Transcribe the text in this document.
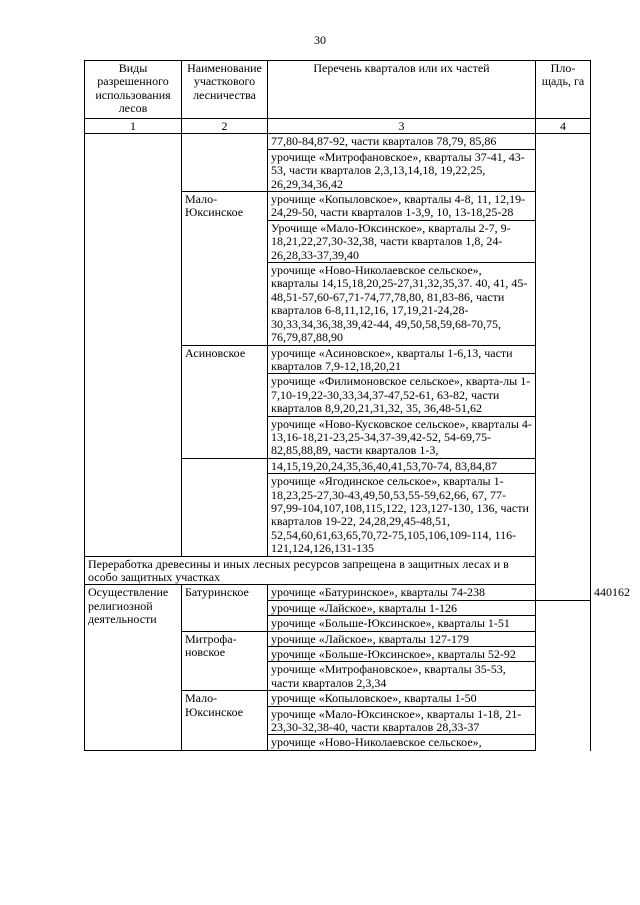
30
Виды разрешенного использования лесов	Наименование участкового лесничества	Перечень кварталов или их частей	Пло-щадь, га	
1	2	3	4	
		77,80-84,87-92, части кварталов 78,79, 85,86		
		урочище «Митрофановское», кварталы 37-41, 43-53, части кварталов 2,3,13,14,18, 19,22,25, 26,29,34,36,42		
	Мало-Юксинское	урочище «Копыловское», кварталы 4-8, 11, 12,19-24,29-50, части кварталов 1-3,9, 10, 13-18,25-28		
		Урочище «Мало-Юксинское», кварталы 2-7, 9-18,21,22,27,30-32,38, части кварталов 1,8, 24-26,28,33-37,39,40		
		урочище «Ново-Николаевское сельское», кварталы 14,15,18,20,25-27,31,32,35,37. 40, 41, 45-48,51-57,60-67,71-74,77,78,80, 81,83-86, части кварталов 6-8,11,12,16, 17,19,21-24,28-30,33,34,36,38,39,42-44, 49,50,58,59,68-70,75, 76,79,87,88,90		
	Асиновское	урочище «Асиновское», кварталы 1-6,13, части кварталов 7,9-12,18,20,21		
		урочище «Филимоновское сельское», кварта-лы 1-7,10-19,22-30,33,34,37-47,52-61, 63-82, части кварталов 8,9,20,21,31,32, 35, 36,48-51,62		
		урочище «Ново-Кусковское сельское», кварталы 4-13,16-18,21-23,25-34,37-39,42-52, 54-69,75-82,85,88,89, части кварталов 1-3,		
		14,15,19,20,24,35,36,40,41,53,70-74, 83,84,87		
		урочище «Ягодинское сельское», кварталы 1-18,23,25-27,30-43,49,50,53,55-59,62,66, 67, 77-97,99-104,107,108,115,122, 123,127-130, 136, части кварталов 19-22, 24,28,29,45-48,51, 52,54,60,61,63,65,70,72-75,105,106,109-114, 116-121,124,126,131-135		
Переработка древесины и иных лесных ресурсов запрещена в защитных лесах и в особо защитных участках				
Осуществление религиозной деятельности	Батуринское	урочище «Батуринское», кварталы 74-238		440162
		урочище «Лайское», кварталы 1-126		
		урочище «Больше-Юксинское», кварталы 1-51		
	Митрофа-новское	урочище «Лайское», кварталы 127-179		
		урочище «Больше-Юксинское», кварталы 52-92		
		урочище «Митрофановское», кварталы 35-53, части кварталов 2,3,34		
	Мало-Юксинское	урочище «Копыловское», кварталы 1-50		
		урочище «Мало-Юксинское», кварталы 1-18, 21-23,30-32,38-40, части кварталов 28,33-37		
		урочище «Ново-Николаевское сельское»,		
